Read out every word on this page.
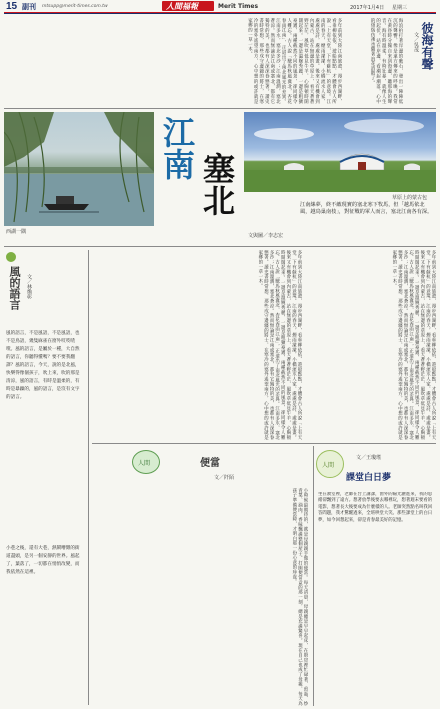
15 副刊 mtsupp@merit-times.com.tw	人間福報	Merit Times	2017年1月4日 星期三
多年前到大陸江南旅遊，漫步西湖畔，看垂柳依依、遊船點點，才體會古人所說「上有天堂，下有蘇杭」的意境。江南的春天，煙雨濛濛，小橋流水人家，處處是詩，處處是畫。後來又有機會到內蒙古，站在無邊的草原上，看天蒼蒼野茫茫，風吹草低見牛羊，心胸頓時開闊起來。一邊是溫婉秀麗，一邊是粗獷豪邁，兩種截然不同的風景，卻同樣令人難忘。古人說「駿馬秋風冀北，杏花春雨江南」，正道出了南北風光的差異。江南多水，塞北多沙；江南溫潤，塞北蒼涼。然而無論是江南或塞北，都有它獨特的美，也都有人深深眷戀著。讀史書時常想，那些戍守邊疆的將士，在寒冷的塞外遙望南方，心中想的或許就是家鄉的一草一木。	海浪拍打著岸邊的礁石，發出一陣陣低沉的聲響，像是遠方傳來的呼喚。我常在黃昏時分獨自來到海邊，聽那海的聲音。海有時溫柔，有時狂暴，就像人生的起伏。站在岸邊，看潮起潮落，心中的煩惱彷彿也隨著浪花消散了。	彼海有聲
文／吳茂
西湖一隅
江南
塞北	草原上的蒙古包
江南絲夢，終不敵現實的塞北寒下牧馬，但「越馬依北風，越鳥巢南枝」，對征戰的軍人而言，塞北江南各有深。
文與圖／李志宏
風的語言 文／林煥彰
風的語言，不是風語，不是風語，也不是鳥語，幾隻麻雀在窗外吱吱喳喳。風的語言，是屬於一種，大自然的語言，你聽得懂嗎？要不要我翻譯？風的語言，今天，說的是北風，快樂得像個孩子，吹上來，吹的那是清涼，風的語言，有時是溫柔的，有時是暴躁的，風的語言，是沒有文字的語言。
小巷之後，還有大巷，熱鬧嘈雜的街道盡頭，是另一個安靜的世界。風起了，葉落了，一切都在悄悄改變，而我依然在這裡。
多年前到大陸江南旅遊，漫步西湖畔，看垂柳依依、遊船點點，才體會古人所說「上有天堂，下有蘇杭」的意境。江南的春天，煙雨濛濛，小橋流水人家，處處是詩，處處是畫。後來又有機會到內蒙古，站在無邊的草原上，看天蒼蒼野茫茫，風吹草低見牛羊，心胸頓時開闊起來。一邊是溫婉秀麗，一邊是粗獷豪邁，兩種截然不同的風景，卻同樣令人難忘。古人說「駿馬秋風冀北，杏花春雨江南」，正道出了南北風光的差異。江南多水，塞北多沙；江南溫潤，塞北蒼涼。然而無論是江南或塞北，都有它獨特的美，也都有人深深眷戀著。讀史書時常想，那些戍守邊疆的將士，在寒冷的塞外遙望南方，心中想的或許就是家鄉的一草一木。	多年前到大陸江南旅遊，漫步西湖畔，看垂柳依依、遊船點點，才體會古人所說「上有天堂，下有蘇杭」的意境。江南的春天，煙雨濛濛，小橋流水人家，處處是詩，處處是畫。後來又有機會到內蒙古，站在無邊的草原上，看天蒼蒼野茫茫，風吹草低見牛羊，心胸頓時開闊起來。一邊是溫婉秀麗，一邊是粗獷豪邁，兩種截然不同的風景，卻同樣令人難忘。古人說「駿馬秋風冀北，杏花春雨江南」，正道出了南北風光的差異。江南多水，塞北多沙；江南溫潤，塞北蒼涼。然而無論是江南或塞北，都有它獨特的美，也都有人深深眷戀著。讀史書時常想，那些戍守邊疆的將士，在寒冷的塞外遙望南方，心中想的或許就是家鄉的一草一木。
人間
文／王瓊瑤
課堂白日夢
坐在教室裡，老師在台上講課，窗外的陽光灑進來，我的思緒卻飄到了遠方。想著放學後要去哪裡玩，想著週末要看的電影，想著長大後要成為什麼樣的人。老師突然點名叫我回答問題，我才驚醒過來，全班哄堂大笑。那些課堂上的白日夢，如今回想起來，卻是青春最美好的記憶。
人間	便當
文／阡陌
小時候最期待的，就是母親親手做的便當。每天清晨，母親總是早早起床，在廚房裡忙碌著，煎蛋、炒青菜、滷肉，香味飄滿整個屋子。打開便當盒的那一刻，總是充滿驚喜。現在自己也成了母親，每天為孩子準備便當時，才明白那一份心意的珍貴。
